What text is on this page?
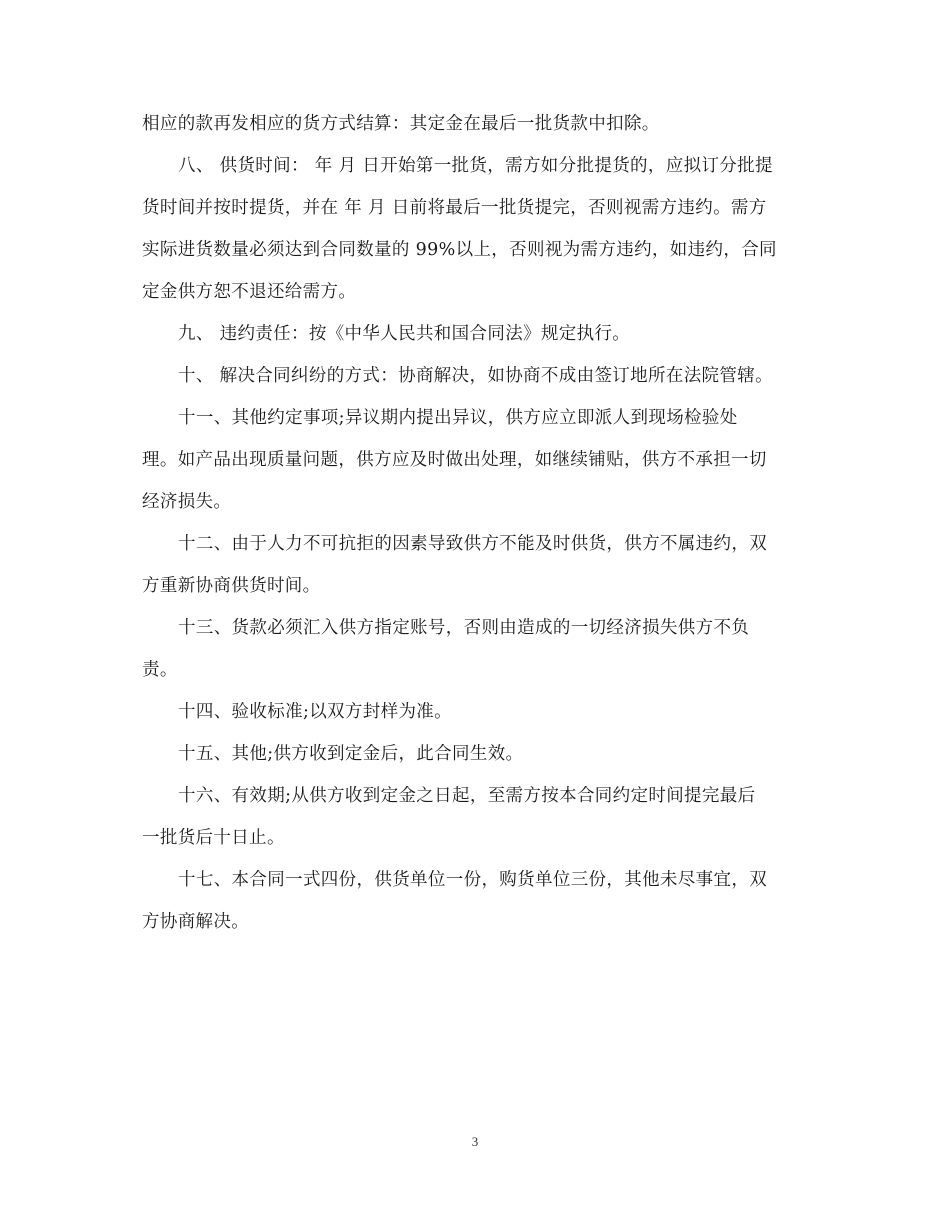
相应的款再发相应的货方式结算：其定金在最后一批货款中扣除。
八、 供货时间： 年 月 日开始第一批货，需方如分批提货的，应拟订分批提
货时间并按时提货，并在 年 月 日前将最后一批货提完，否则视需方违约。需方
实际进货数量必须达到合同数量的 99%以上，否则视为需方违约，如违约，合同
定金供方恕不退还给需方。
九、 违约责任：按《中华人民共和国合同法》规定执行。
十、 解决合同纠纷的方式：协商解决，如协商不成由签订地所在法院管辖。
十一、其他约定事项;异议期内提出异议，供方应立即派人到现场检验处
理。如产品出现质量问题，供方应及时做出处理，如继续铺贴，供方不承担一切
经济损失。
十二、由于人力不可抗拒的因素导致供方不能及时供货，供方不属违约，双
方重新协商供货时间。
十三、货款必须汇入供方指定账号，否则由造成的一切经济损失供方不负
责。
十四、验收标准;以双方封样为准。
十五、其他;供方收到定金后，此合同生效。
十六、有效期;从供方收到定金之日起，至需方按本合同约定时间提完最后
一批货后十日止。
十七、本合同一式四份，供货单位一份，购货单位三份，其他未尽事宜，双
方协商解决。
3
